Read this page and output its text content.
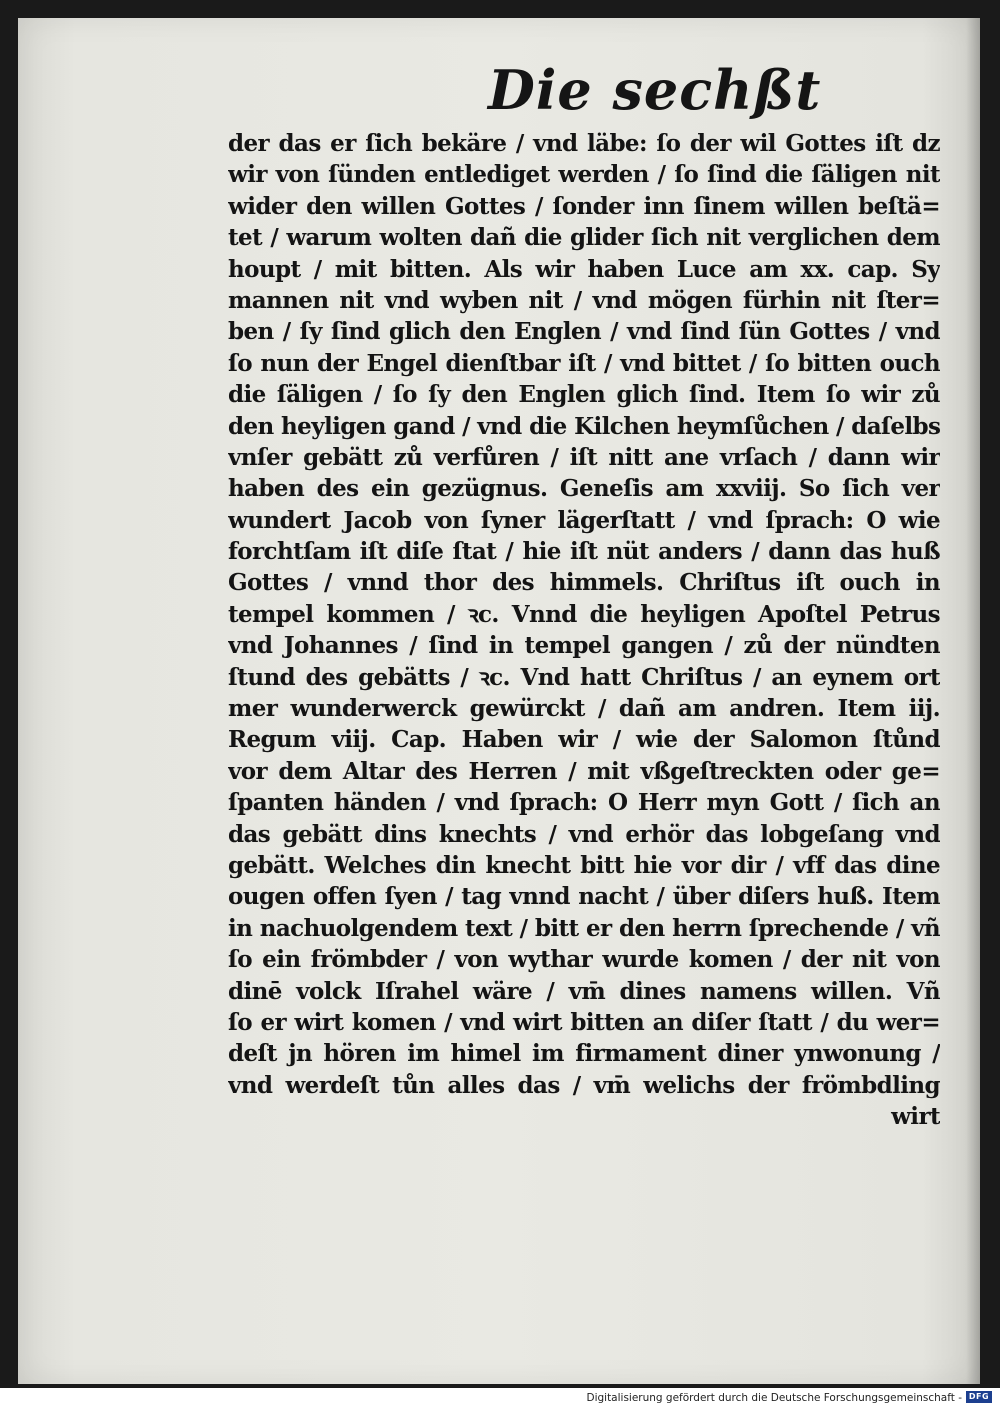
Die sechßt
der das er ſich bekäre / vnd läbe: ſo der wil Gottes iſt dz
wir von ſünden entlediget werden / ſo ſind die ſäligen nit
wider den willen Gottes / ſonder inn ſinem willen beſtä=
tet / warum wolten dañ die glider ſich nit verglichen dem
houpt / mit bitten. Als wir haben Luce am xx. cap. Sy
mannen nit vnd wyben nit / vnd mögen fürhin nit ſter=
ben / ſy ſind glich den Englen / vnd ſind ſün Gottes / vnd
ſo nun der Engel dienſtbar iſt / vnd bittet / ſo bitten ouch
die ſäligen / ſo ſy den Englen glich ſind. Item ſo wir zů
den heyligen gand / vnd die Kilchen heymſůchen / daſelbs
vnſer gebätt zů verfůren / iſt nitt ane vrſach / dann wir
haben des ein gezügnus. Geneſis am xxviij. So ſich ver
wundert Jacob von ſyner lägerſtatt / vnd ſprach: O wie
forchtſam iſt diſe ſtat / hie iſt nüt anders / dann das huß
Gottes / vnnd thor des himmels. Chriſtus iſt ouch in
tempel kommen / ꝛc. Vnnd die heyligen Apoſtel Petrus
vnd Johannes / ſind in tempel gangen / zů der nündten
ſtund des gebätts / ꝛc. Vnd hatt Chriſtus / an eynem ort
mer wunderwerck gewürckt / dañ am andren. Item iij.
Regum viij. Cap. Haben wir / wie der Salomon ſtůnd
vor dem Altar des Herren / mit vßgeſtreckten oder ge=
ſpanten händen / vnd ſprach: O Herr myn Gott / ſich an
das gebätt dins knechts / vnd erhör das lobgeſang vnd
gebätt. Welches din knecht bitt hie vor dir / vff das dine
ougen offen ſyen / tag vnnd nacht / über diſers huß. Item
in nachuolgendem text / bitt er den herrn ſprechende / vñ
ſo ein frömbder / von wythar wurde komen / der nit von
dinē volck Iſrahel wäre / vm̄ dines namens willen. Vñ
ſo er wirt komen / vnd wirt bitten an diſer ſtatt / du wer=
deſt jn hören im himel im firmament diner ynwonung /
vnd werdeſt tůn alles das / vm̄ welichs der frömbdling
wirt
Digitalisierung gefördert durch die Deutsche Forschungsgemeinschaft - DFG
